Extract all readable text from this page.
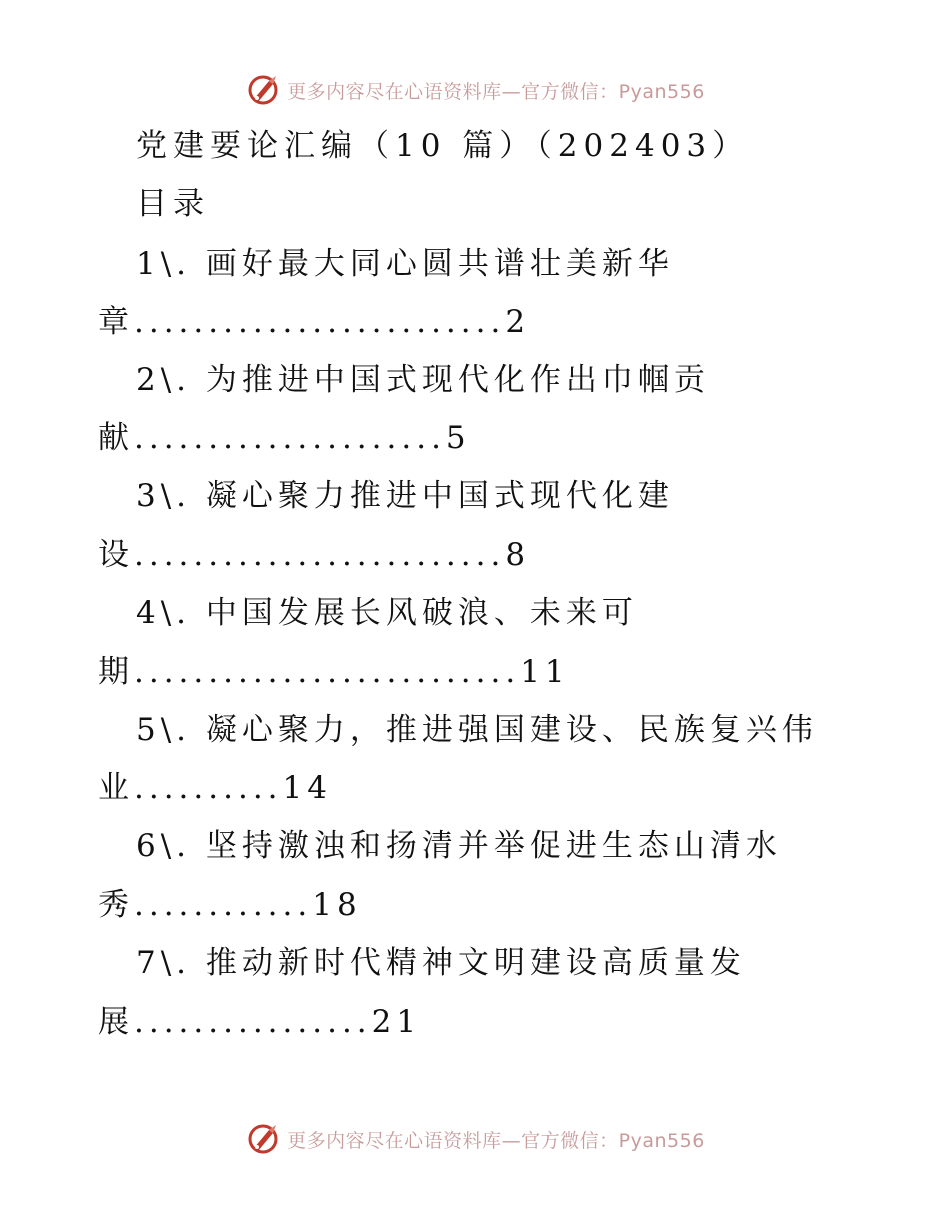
更多内容尽在心语资料库—官方微信：Pyan556
党建要论汇编（10 篇）（202403）
目录
1\. 画好最大同心圆共谱壮美新华
章.........................2
2\. 为推进中国式现代化作出巾帼贡
献.....................5
3\. 凝心聚力推进中国式现代化建
设.........................8
4\. 中国发展长风破浪、未来可
期..........................11
5\. 凝心聚力，推进强国建设、民族复兴伟
业..........14
6\. 坚持激浊和扬清并举促进生态山清水
秀............18
7\. 推动新时代精神文明建设高质量发
展................21
更多内容尽在心语资料库—官方微信：Pyan556
